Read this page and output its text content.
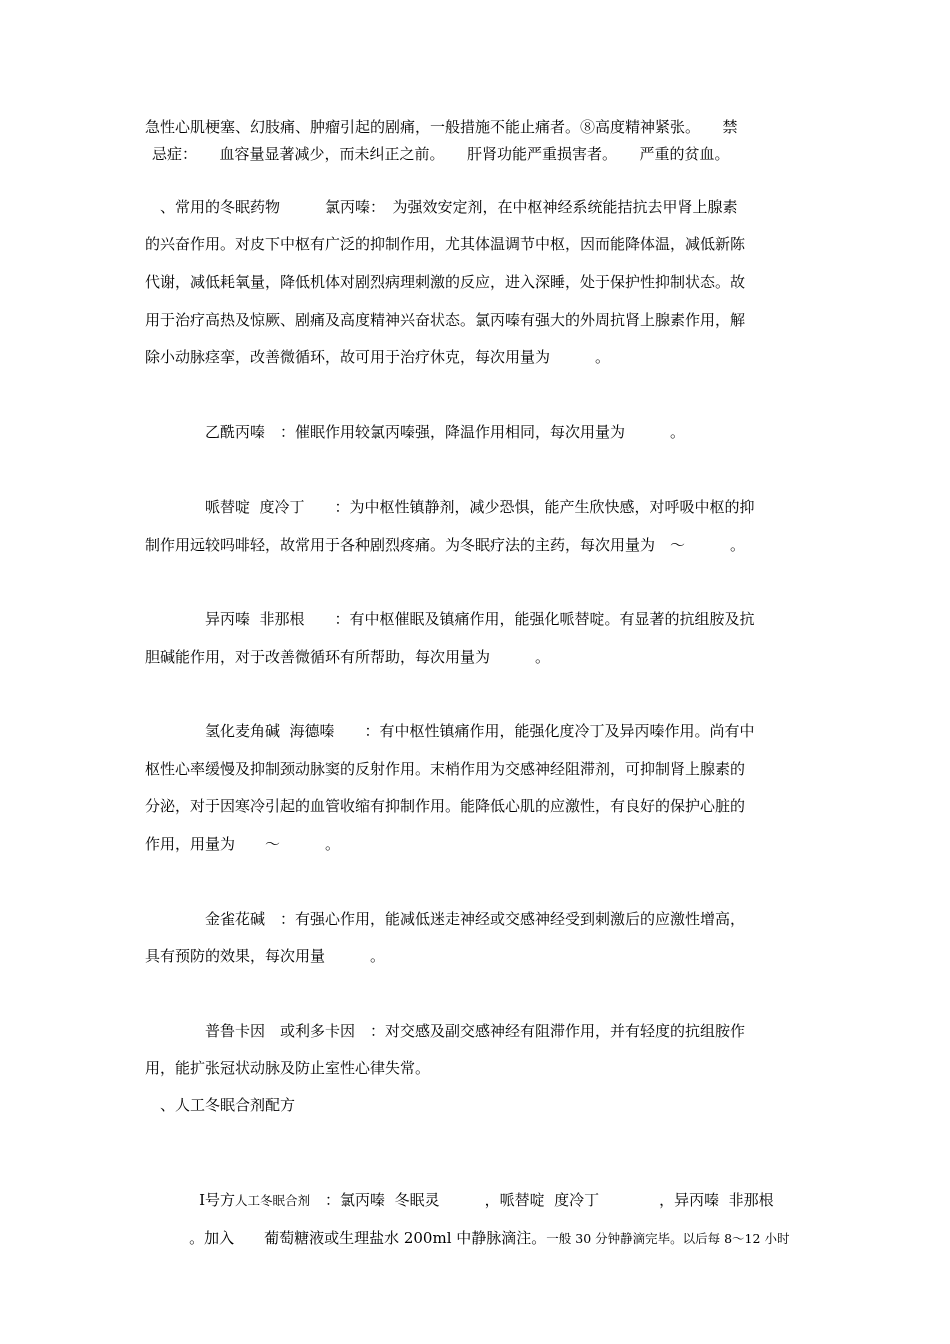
急性心肌梗塞、幻肢痛、肿瘤引起的剧痛，一般措施不能止痛者。⑧高度精神紧张。　　禁
忌症：　　血容量显著减少，而未纠正之前。　　肝肾功能严重损害者。　　严重的贫血。
　、常用的冬眠药物　　　氯丙嗪：　为强效安定剂，在中枢神经系统能拮抗去甲肾上腺素
的兴奋作用。对皮下中枢有广泛的抑制作用，尤其体温调节中枢，因而能降体温，减低新陈
代谢，减低耗氧量，降低机体对剧烈病理刺激的反应，进入深睡，处于保护性抑制状态。故
用于治疗高热及惊厥、剧痛及高度精神兴奋状态。氯丙嗪有强大的外周抗肾上腺素作用，解
除小动脉痉挛，改善微循环，故可用于治疗休克，每次用量为　　　。
乙酰丙嗪　：催眠作用较氯丙嗪强，降温作用相同，每次用量为　　　。
哌替啶  度冷丁　　：为中枢性镇静剂，减少恐惧，能产生欣快感，对呼吸中枢的抑
制作用远较吗啡轻，故常用于各种剧烈疼痛。为冬眠疗法的主药，每次用量为　～　　　。
异丙嗪  非那根　　：有中枢催眠及镇痛作用，能强化哌替啶。有显著的抗组胺及抗
胆碱能作用，对于改善微循环有所帮助，每次用量为　　　。
氢化麦角碱  海德嗪　　：有中枢性镇痛作用，能强化度冷丁及异丙嗪作用。尚有中
枢性心率缓慢及抑制颈动脉窦的反射作用。末梢作用为交感神经阻滞剂，可抑制肾上腺素的
分泌，对于因寒冷引起的血管收缩有抑制作用。能降低心肌的应激性，有良好的保护心脏的
作用，用量为　　～　　　。
金雀花碱　：有强心作用，能减低迷走神经或交感神经受到刺激后的应激性增高，
具有预防的效果，每次用量　　　。
普鲁卡因　或利多卡因　：对交感及副交感神经有阻滞作用，并有轻度的抗组胺作
用，能扩张冠状动脉及防止室性心律失常。
　、人工冬眠合剂配方

Ⅰ号方人工冬眠合剂　：氯丙嗪  冬眠灵　　　，哌替啶  度冷丁　　　　，异丙嗪  非那根

。加入　　葡萄糖液或生理盐水 200ml 中静脉滴注。一般 30 分钟静滴完毕。以后每 8～12 小时
